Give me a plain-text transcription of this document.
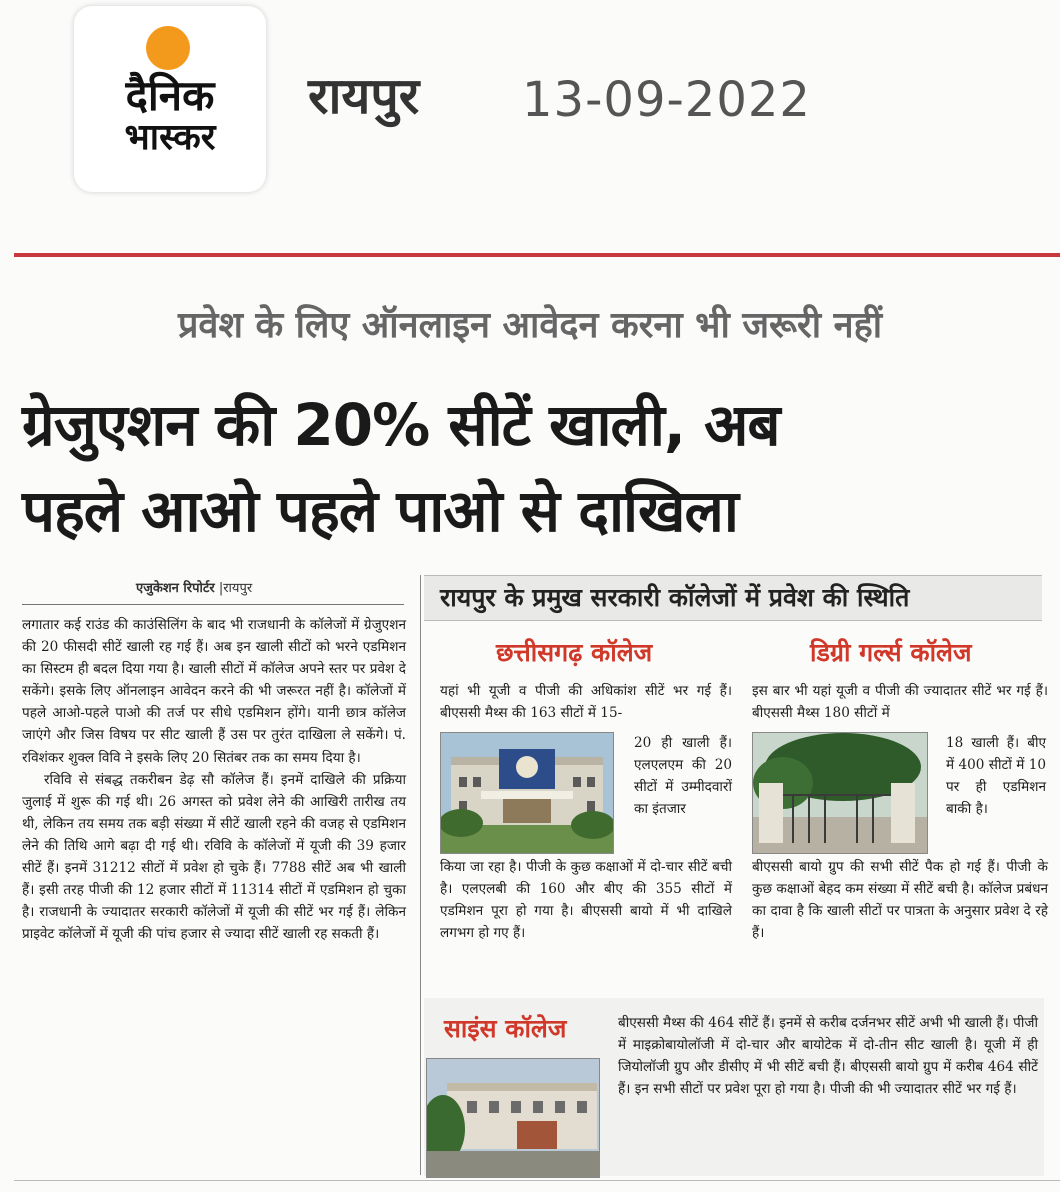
दैनिक
भास्कर
रायपुर 13-09-2022
प्रवेश के लिए ऑनलाइन आवेदन करना भी जरूरी नहीं
ग्रेजुएशन की 20% सीटें खाली, अब
पहले आओ पहले पाओ से दाखिला
एजुकेशन रिपोर्टर |रायपुर

लगातार कई राउंड की काउंसिलिंग के बाद भी राजधानी के कॉलेजों में ग्रेजुएशन की 20 फीसदी सीटें खाली रह गई हैं। अब इन खाली सीटों को भरने एडमिशन का सिस्टम ही बदल दिया गया है। खाली सीटों में कॉलेज अपने स्तर पर प्रवेश दे सकेंगे। इसके लिए ऑनलाइन आवेदन करने की भी जरूरत नहीं है। कॉलेजों में पहले आओ-पहले पाओ की तर्ज पर सीधे एडमिशन होंगे। यानी छात्र कॉलेज जाएंगे और जिस विषय पर सीट खाली हैं उस पर तुरंत दाखिला ले सकेंगे। पं. रविशंकर शुक्ल विवि ने इसके लिए 20 सितंबर तक का समय दिया है।

रविवि से संबद्ध तकरीबन डेढ़ सौ कॉलेज हैं। इनमें दाखिले की प्रक्रिया जुलाई में शुरू की गई थी। 26 अगस्त को प्रवेश लेने की आखिरी तारीख तय थी, लेकिन तय समय तक बड़ी संख्या में सीटें खाली रहने की वजह से एडमिशन लेने की तिथि आगे बढ़ा दी गई थी। रविवि के कॉलेजों में यूजी की 39 हजार सीटें हैं। इनमें 31212 सीटों में प्रवेश हो चुके हैं। 7788 सीटें अब भी खाली हैं। इसी तरह पीजी की 12 हजार सीटों में 11314 सीटों में एडमिशन हो चुका है। राजधानी के ज्यादातर सरकारी कॉलेजों में यूजी की सीटें भर गई हैं। लेकिन प्राइवेट कॉलेजों में यूजी की पांच हजार से ज्यादा सीटें खाली रह सकती हैं।

रायपुर के प्रमुख सरकारी कॉलेजों में प्रवेश की स्थिति
छत्तीसगढ़ कॉलेज
यहां भी यूजी व पीजी की अधिकांश सीटें भर गई हैं। बीएससी मैथ्स की 163 सीटों में 15-
20 ही खाली हैं। एलएलएम की 20 सीटों में उम्मीदवारों का इंतजार
किया जा रहा है। पीजी के कुछ कक्षाओं में दो-चार सीटें बची है। एलएलबी की 160 और बीए की 355 सीटों में एडमिशन पूरा हो गया है। बीएससी बायो में भी दाखिले लगभग हो गए हैं।
डिग्री गर्ल्स कॉलेज
इस बार भी यहां यूजी व पीजी की ज्यादातर सीटें भर गई हैं। बीएससी मैथ्स 180 सीटों में
18 खाली हैं। बीए में 400 सीटों में 10 पर ही एडमिशन बाकी है।
बीएससी बायो ग्रुप की सभी सीटें पैक हो गई हैं। पीजी के कुछ कक्षाओं बेहद कम संख्या में सीटें बची है। कॉलेज प्रबंधन का दावा है कि खाली सीटों पर पात्रता के अनुसार प्रवेश दे रहे हैं।
साइंस कॉलेज	बीएससी मैथ्स की 464 सीटें हैं। इनमें से करीब दर्जनभर सीटें अभी भी खाली हैं। पीजी में माइक्रोबायोलॉजी में दो-चार और बायोटेक में दो-तीन सीट खाली है। यूजी में ही जियोलॉजी ग्रुप और डीसीए में भी सीटें बची हैं। बीएससी बायो ग्रुप में करीब 464 सीटें हैं। इन सभी सीटों पर प्रवेश पूरा हो गया है। पीजी की भी ज्यादातर सीटें भर गई हैं।
